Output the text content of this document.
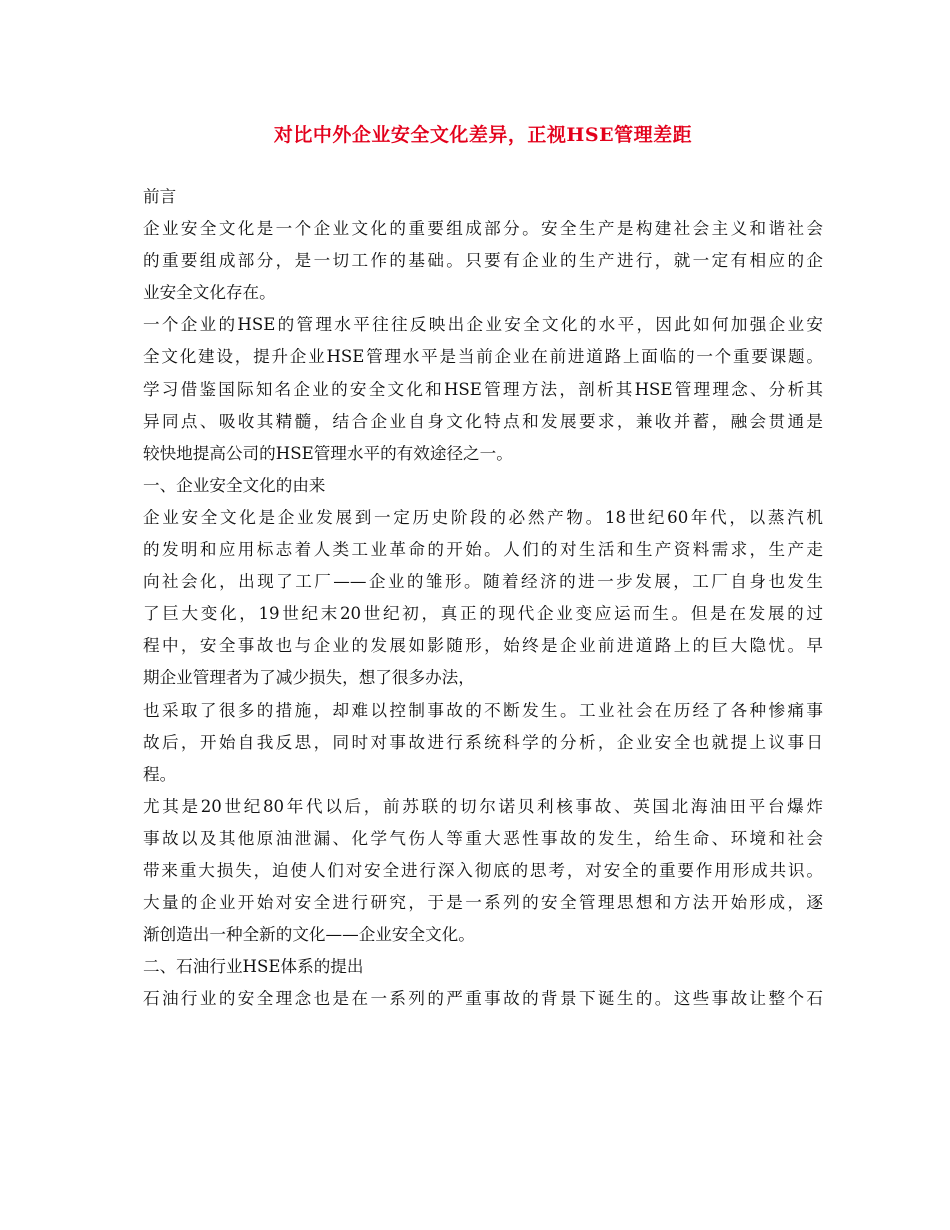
对比中外企业安全文化差异，正视HSE管理差距
前言
企业安全文化是一个企业文化的重要组成部分。安全生产是构建社会主义和谐社会
的重要组成部分，是一切工作的基础。只要有企业的生产进行，就一定有相应的企
业安全文化存在。
一个企业的HSE的管理水平往往反映出企业安全文化的水平，因此如何加强企业安
全文化建设，提升企业HSE管理水平是当前企业在前进道路上面临的一个重要课题。
学习借鉴国际知名企业的安全文化和HSE管理方法，剖析其HSE管理理念、分析其
异同点、吸收其精髓，结合企业自身文化特点和发展要求，兼收并蓄，融会贯通是
较快地提高公司的HSE管理水平的有效途径之一。
一、企业安全文化的由来
企业安全文化是企业发展到一定历史阶段的必然产物。18世纪60年代，以蒸汽机
的发明和应用标志着人类工业革命的开始。人们的对生活和生产资料需求，生产走
向社会化，出现了工厂——企业的雏形。随着经济的进一步发展，工厂自身也发生
了巨大变化，19世纪末20世纪初，真正的现代企业变应运而生。但是在发展的过
程中，安全事故也与企业的发展如影随形，始终是企业前进道路上的巨大隐忧。早
期企业管理者为了减少损失，想了很多办法，
也采取了很多的措施，却难以控制事故的不断发生。工业社会在历经了各种惨痛事
故后，开始自我反思，同时对事故进行系统科学的分析，企业安全也就提上议事日
程。
尤其是20世纪80年代以后，前苏联的切尔诺贝利核事故、英国北海油田平台爆炸
事故以及其他原油泄漏、化学气伤人等重大恶性事故的发生，给生命、环境和社会
带来重大损失，迫使人们对安全进行深入彻底的思考，对安全的重要作用形成共识。
大量的企业开始对安全进行研究，于是一系列的安全管理思想和方法开始形成，逐
渐创造出一种全新的文化——企业安全文化。
二、石油行业HSE体系的提出
石油行业的安全理念也是在一系列的严重事故的背景下诞生的。这些事故让整个石
